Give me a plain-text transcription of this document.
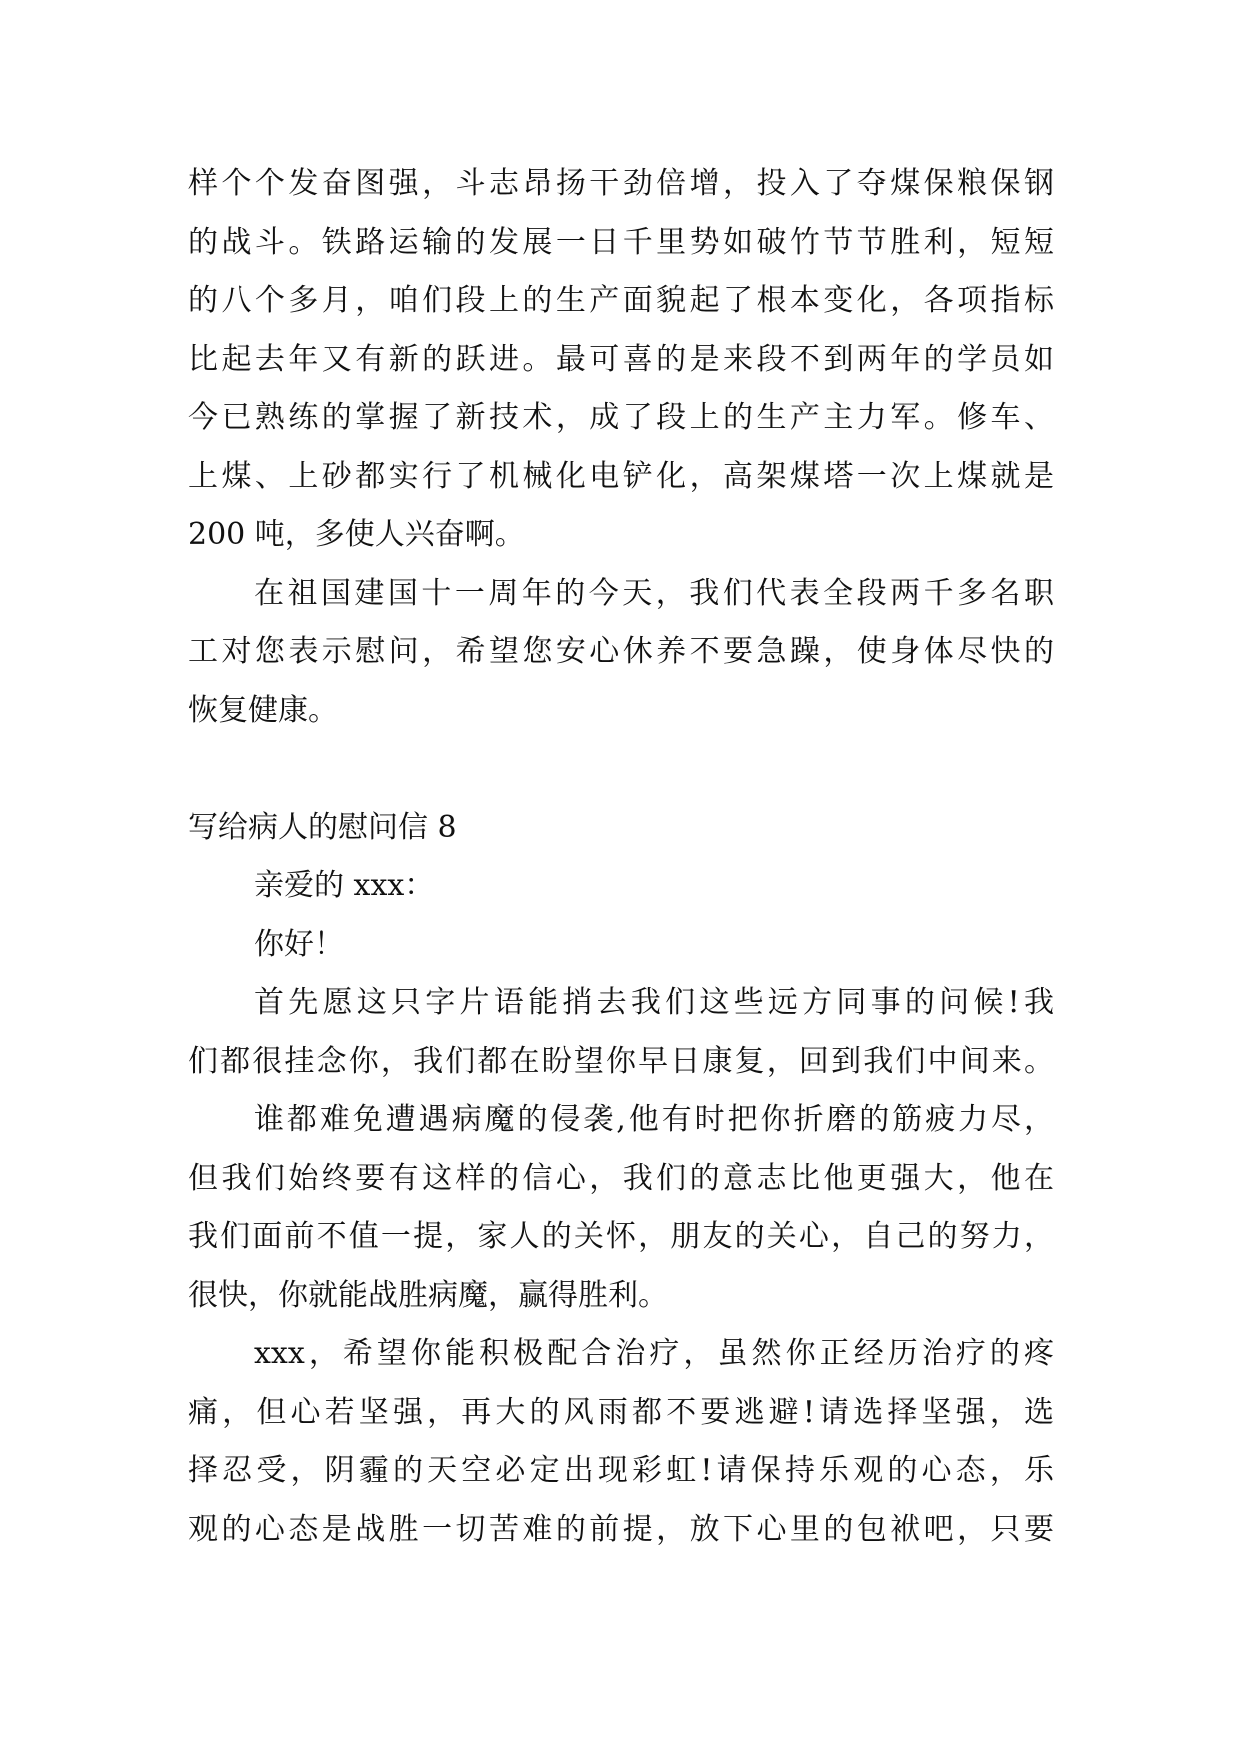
样个个发奋图强，斗志昂扬干劲倍增，投入了夺煤保粮保钢
的战斗。铁路运输的发展一日千里势如破竹节节胜利，短短
的八个多月，咱们段上的生产面貌起了根本变化，各项指标
比起去年又有新的跃进。最可喜的是来段不到两年的学员如
今已熟练的掌握了新技术，成了段上的生产主力军。修车、
上煤、上砂都实行了机械化电铲化，高架煤塔一次上煤就是
200 吨，多使人兴奋啊。
在祖国建国十一周年的今天，我们代表全段两千多名职
工对您表示慰问，希望您安心休养不要急躁，使身体尽快的
恢复健康。
写给病人的慰问信 8
亲爱的 xxx：
你好！
首先愿这只字片语能捎去我们这些远方同事的问候!我
们都很挂念你，我们都在盼望你早日康复，回到我们中间来。
谁都难免遭遇病魔的侵袭,他有时把你折磨的筋疲力尽，
但我们始终要有这样的信心，我们的意志比他更强大，他在
我们面前不值一提，家人的关怀，朋友的关心，自己的努力，
很快，你就能战胜病魔，赢得胜利。
xxx，希望你能积极配合治疗，虽然你正经历治疗的疼
痛，但心若坚强，再大的风雨都不要逃避!请选择坚强，选
择忍受，阴霾的天空必定出现彩虹!请保持乐观的心态，乐
观的心态是战胜一切苦难的前提，放下心里的包袱吧，只要
